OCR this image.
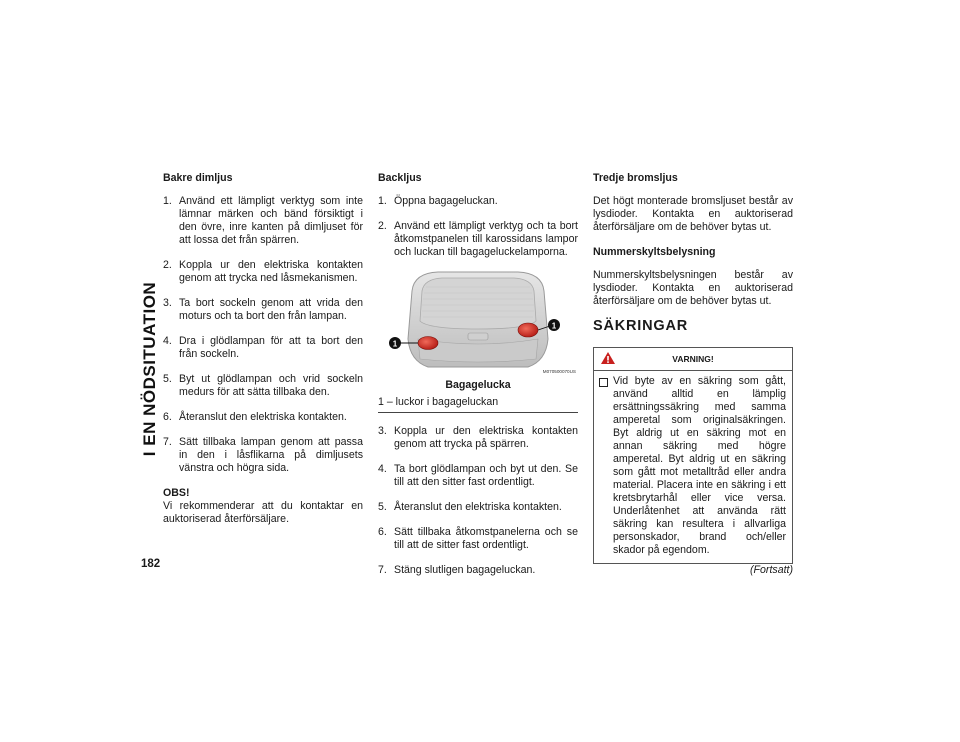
I EN NÖDSITUATION
182
Bakre dimljus
1. Använd ett lämpligt verktyg som inte lämnar märken och bänd försiktigt i den övre, inre kanten på dimljuset för att lossa det från spärren.
2. Koppla ur den elektriska kontakten genom att trycka ned låsmekanismen.
3. Ta bort sockeln genom att vrida den moturs och ta bort den från lampan.
4. Dra i glödlampan för att ta bort den från sockeln.
5. Byt ut glödlampan och vrid sockeln medurs för att sätta tillbaka den.
6. Återanslut den elektriska kontakten.
7. Sätt tillbaka lampan genom att passa in den i låsflikarna på dimljusets vänstra och högra sida.
OBS!

Vi rekommenderar att du kontaktar en auktoriserad återförsäljare.

Backljus
1. Öppna bagageluckan.
2. Använd ett lämpligt verktyg och ta bort åtkomstpanelen till karossidans lampor och luckan till bagageluckelamporna.
1
1
M070500070US
Bagagelucka
1 – luckor i bagageluckan
3. Koppla ur den elektriska kontakten genom att trycka på spärren.
4. Ta bort glödlampan och byt ut den. Se till att den sitter fast ordentligt.
5. Återanslut den elektriska kontakten.
6. Sätt tillbaka åtkomstpanelerna och se till att de sitter fast ordentligt.
7. Stäng slutligen bagageluckan.
Tredje bromsljus

Det högt monterade bromsljuset består av lysdioder. Kontakta en auktoriserad återförsäljare om de behöver bytas ut.

Nummerskyltsbelysning

Nummerskyltsbelysningen består av lysdioder. Kontakta en auktoriserad återförsäljare om de behöver bytas ut.

SÄKRINGAR
VARNING!
Vid byte av en säkring som gått, använd alltid en lämplig ersättningssäkring med samma amperetal som originalsäkringen. Byt aldrig ut en säkring mot en annan säkring med högre amperetal. Byt aldrig ut en säkring som gått mot metalltråd eller andra material. Placera inte en säkring i ett kretsbrytarhål eller vice versa. Underlåtenhet att använda rätt säkring kan resultera i allvarliga personskador, brand och/eller skador på egendom.
(Fortsatt)
